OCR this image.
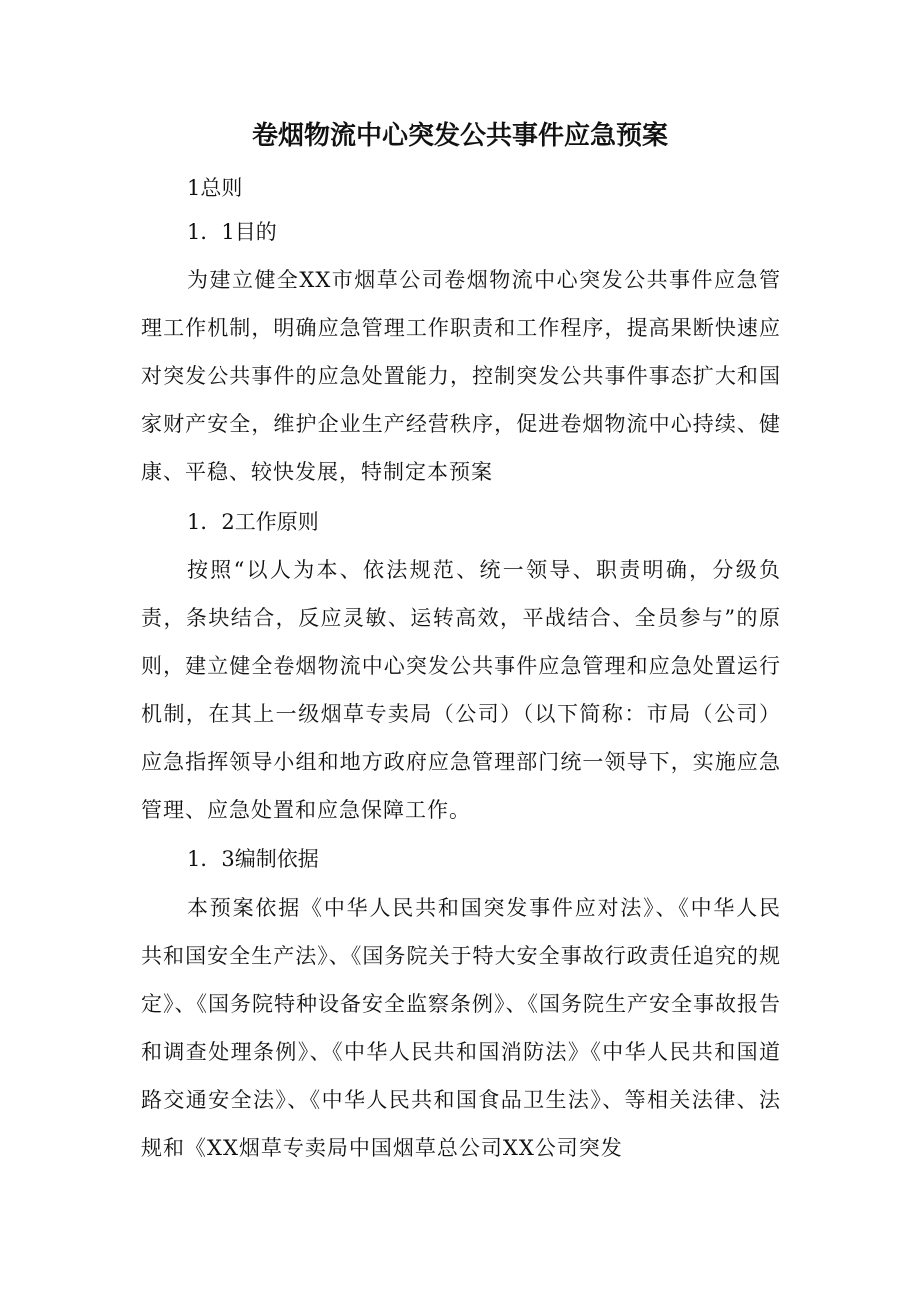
卷烟物流中心突发公共事件应急预案

1总则

1．1目的

为建立健全XX市烟草公司卷烟物流中心突发公共事件应急管理工作机制，明确应急管理工作职责和工作程序，提高果断快速应对突发公共事件的应急处置能力，控制突发公共事件事态扩大和国家财产安全，维护企业生产经营秩序，促进卷烟物流中心持续、健康、平稳、较快发展，特制定本预案

1．2工作原则

按照“以人为本、依法规范、统一领导、职责明确，分级负责，条块结合，反应灵敏、运转高效，平战结合、全员参与”的原则，建立健全卷烟物流中心突发公共事件应急管理和应急处置运行机制，在其上一级烟草专卖局（公司）（以下简称：市局（公司）应急指挥领导小组和地方政府应急管理部门统一领导下，实施应急管理、应急处置和应急保障工作。

1．3编制依据

本预案依据《中华人民共和国突发事件应对法》、《中华人民共和国安全生产法》、《国务院关于特大安全事故行政责任追究的规定》、《国务院特种设备安全监察条例》、《国务院生产安全事故报告和调查处理条例》、《中华人民共和国消防法》《中华人民共和国道路交通安全法》、《中华人民共和国食品卫生法》、等相关法律、法规和《XX烟草专卖局中国烟草总公司XX公司突发
